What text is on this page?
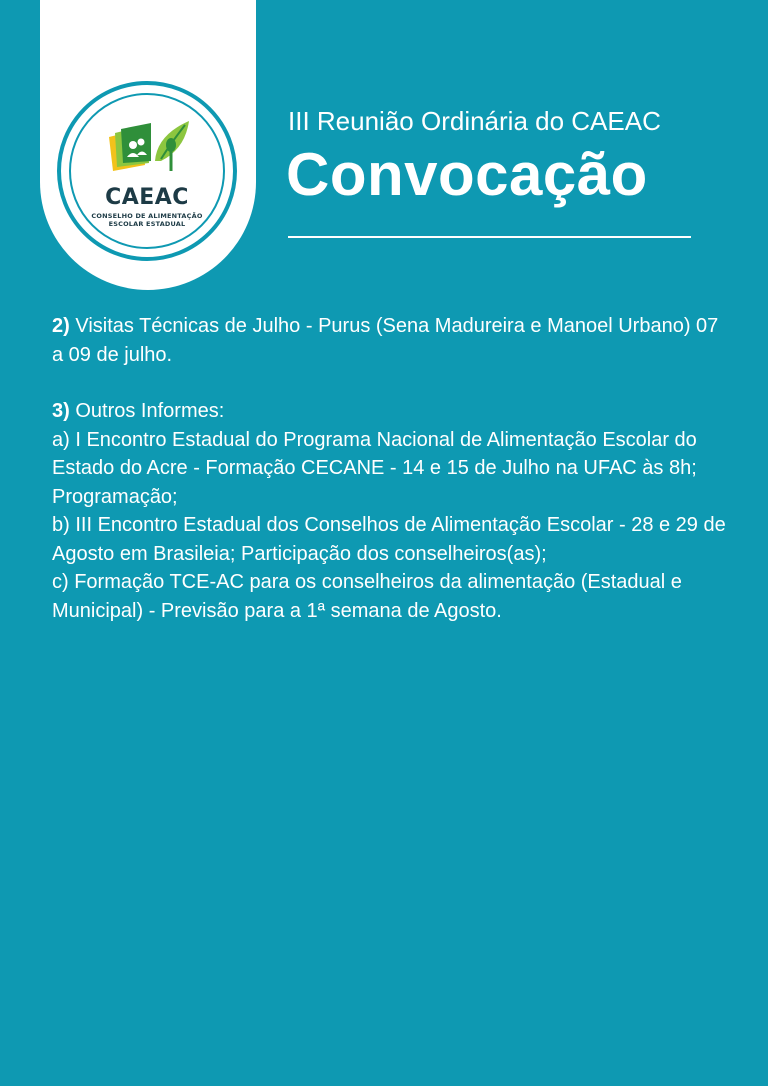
CAEAC
CONSELHO DE ALIMENTAÇÃO
ESCOLAR ESTADUAL
III Reunião Ordinária do CAEAC
Convocação

2) Visitas Técnicas de Julho - Purus (Sena Madureira e Manoel Urbano) 07 a 09 de julho.

3) Outros Informes:

a) I Encontro Estadual do Programa Nacional de Alimentação Escolar do Estado do Acre - Formação CECANE - 14 e 15 de Julho na UFAC às 8h; Programação;

b) III Encontro Estadual dos Conselhos de Alimentação Escolar - 28 e 29 de Agosto em Brasileia; Participação dos conselheiros(as);

c) Formação TCE-AC para os conselheiros da alimentação (Estadual e Municipal) - Previsão para a 1ª semana de Agosto.
